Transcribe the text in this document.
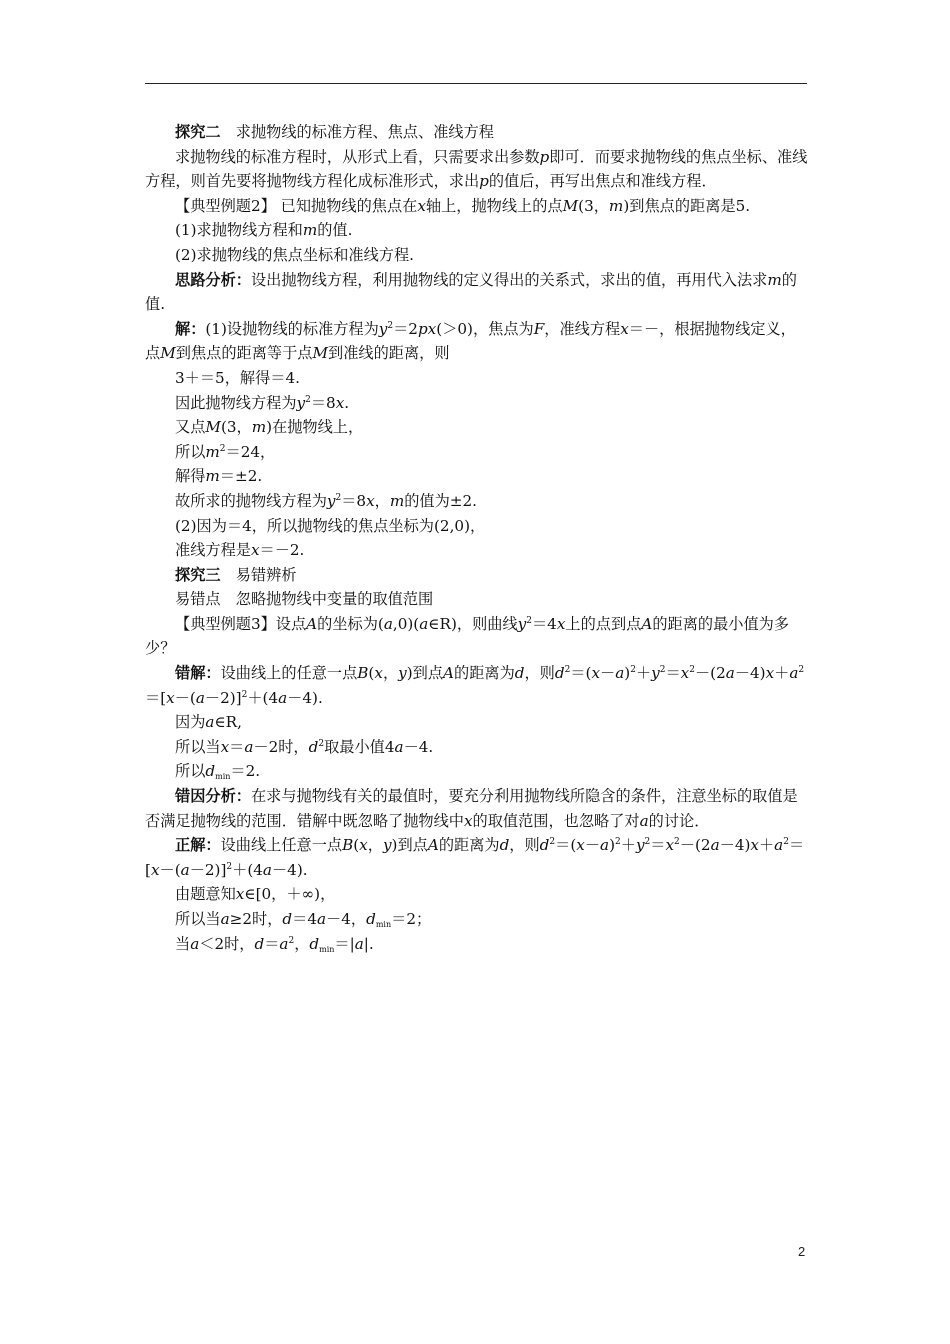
探究二  求抛物线的标准方程、焦点、准线方程

求抛物线的标准方程时，从形式上看，只需要求出参数p即可．而要求抛物线的焦点坐标、准线方程，则首先要将抛物线方程化成标准形式，求出p的值后，再写出焦点和准线方程．

【典型例题2】 已知抛物线的焦点在x轴上，抛物线上的点M(3，m)到焦点的距离是5.

(1)求抛物线方程和m的值.

(2)求抛物线的焦点坐标和准线方程.

思路分析：设出抛物线方程，利用抛物线的定义得出的关系式，求出的值，再用代入法求m的值.

解：(1)设抛物线的标准方程为$y^2=2px(>0)$，焦点为F，准线方程x＝－，根据抛物线定义，点M到焦点的距离等于点M到准线的距离，则

3＋＝5，解得＝4.

因此抛物线方程为$y^2=8x$.

又点M(3，m)在抛物线上，

所以$m^2=24$，

解得m＝±2.

故所求的抛物线方程为$y^2=8x$，m的值为±2.

(2)因为＝4，所以抛物线的焦点坐标为(2,0)，

准线方程是x＝－2.

探究三  易错辨析

易错点  忽略抛物线中变量的取值范围

【典型例题3】设点A的坐标为(a,0)(a∈R)，则曲线$y^2=4x$上的点到点A的距离的最小值为多少？

错解：设曲线上的任意一点B(x，y)到点A的距离为d，则$d^2=(x-a)^2+y^2=x^2-(2a-4)x+a^2=[x-(a-2)]^2+(4a-4)$.

因为a∈R,

所以当x＝a－2时，$d^2$取最小值4a－4.

所以$d_{min}=2$.

错因分析：在求与抛物线有关的最值时，要充分利用抛物线所隐含的条件，注意坐标的取值是否满足抛物线的范围．错解中既忽略了抛物线中x的取值范围，也忽略了对a的讨论．

正解：设曲线上任意一点B(x，y)到点A的距离为d，则$d^2=(x-a)^2+y^2=x^2-(2a-4)x+a^2=[x-(a-2)]^2+(4a-4)$.

由题意知x∈[0，＋∞)，

所以当a≥2时，d＝4a－4，$d_{min}=2$；

当a＜2时，$d=a^2$，$d_{min}=|a|$.

2
